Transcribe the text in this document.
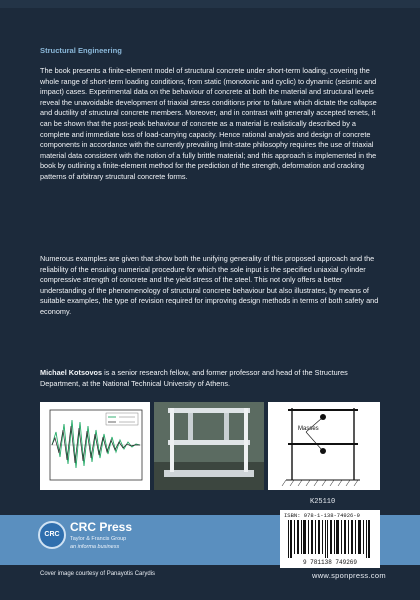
Structural Engineering

The book presents a finite-element model of structural concrete under short-term loading, covering the whole range of short-term loading conditions, from static (monotonic and cyclic) to dynamic (seismic and impact) cases. Experimental data on the behaviour of concrete at both the material and structural levels reveal the unavoidable development of triaxial stress conditions prior to failure which dictate the collapse and ductility of structural concrete members. Moreover, and in contrast with generally accepted tenets, it can be shown that the post-peak behaviour of concrete as a material is realistically described by a complete and immediate loss of load-carrying capacity. Hence rational analysis and design of concrete components in accordance with the currently prevailing limit-state philosophy requires the use of triaxial material data consistent with the notion of a fully brittle material; and this approach is implemented in the book by outlining a finite-element method for the prediction of the strength, deformation and cracking patterns of arbitrary structural concrete forms.

Numerous examples are given that show both the unifying generality of this proposed approach and the reliability of the ensuing numerical procedure for which the sole input is the specified uniaxial cylinder compressive strength of concrete and the yield stress of the steel. This not only offers a better understanding of the phenomenology of structural concrete behaviour but also illustrates, by means of suitable examples, the type of revision required for improving design methods in terms of both safety and economy.

Michael Kotsovos is a senior research fellow, and former professor and head of the Structures Department, at the National Technical University of Athens.

Masses
K25110
CRC
CRC Press
Taylor & Francis Group
an informa business
ISBN: 978-1-138-74926-9
9 781138 749269
Cover image courtesy of Panayotis Carydis	www.sponpress.com
